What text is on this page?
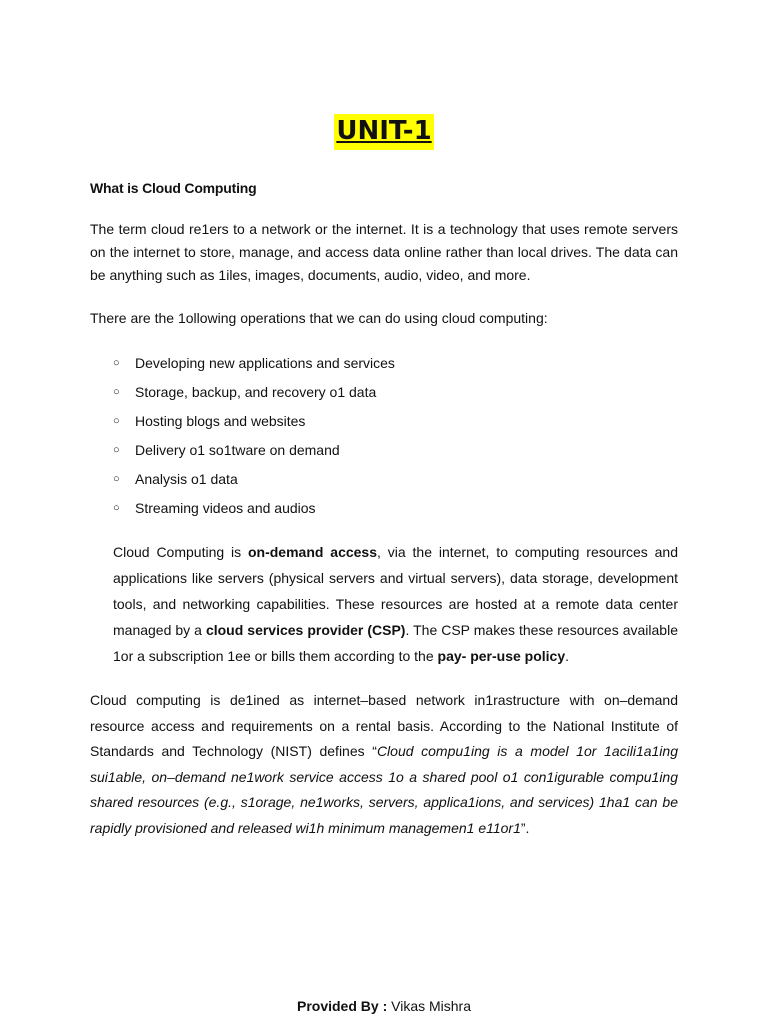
UNIT-1
What is Cloud Computing
The term cloud re1ers to a network or the internet. It is a technology that uses remote servers on the internet to store, manage, and access data online rather than local drives. The data can be anything such as 1iles, images, documents, audio, video, and more.
There are the 1ollowing operations that we can do using cloud computing:
○	Developing new applications and services
○	Storage, backup, and recovery o1 data
○	Hosting blogs and websites
○	Delivery o1 so1tware on demand
○	Analysis o1 data
○	Streaming videos and audios
Cloud Computing is on-demand access, via the internet, to computing resources and applications like servers (physical servers and virtual servers), data storage, development tools, and networking capabilities. These resources are hosted at a remote data center managed by a cloud services provider (CSP). The CSP makes these resources available 1or a subscription 1ee or bills them according to the pay- per-use policy.
Cloud computing is de1ined as internet–based network in1rastructure with on–demand resource access and requirements on a rental basis. According to the National Institute of Standards and Technology (NIST) defines “Cloud compu1ing is a model 1or 1acili1a1ing sui1able, on–demand ne1work service access 1o a shared pool o1 con1igurable compu1ing shared resources (e.g., s1orage, ne1works, servers, applica1ions, and services) 1ha1 can be rapidly provisioned and released wi1h minimum managemen1 e11or1”.
Provided By : Vikas Mishra
